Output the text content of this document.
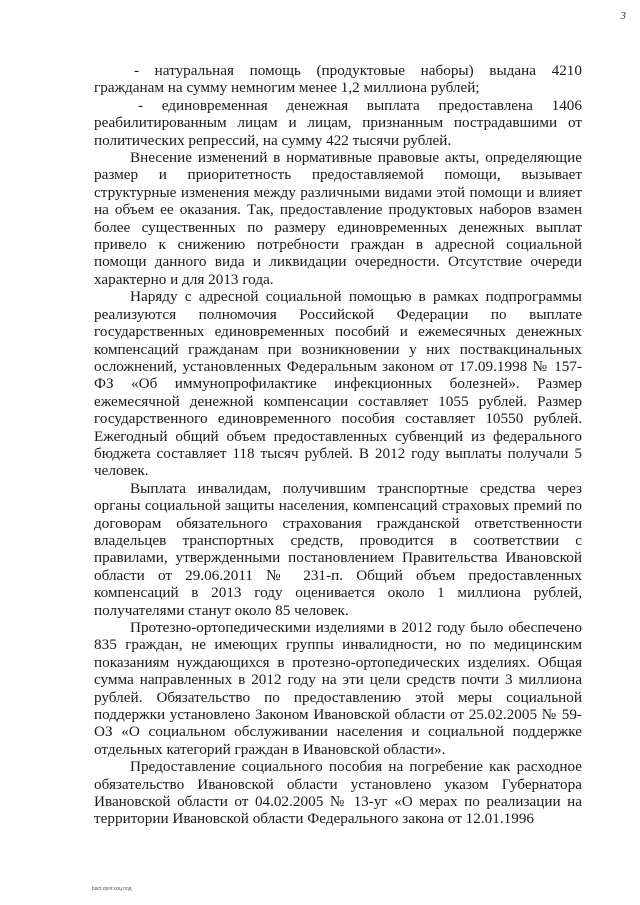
3

- натуральная помощь (продуктовые наборы) выдана 4210 гражданам на сумму немногим менее 1,2 миллиона рублей;

- единовременная денежная выплата предоставлена 1406 реабилитированным лицам и лицам, признанным пострадавшими от политических репрессий, на сумму 422 тысячи рублей.

Внесение изменений в нормативные правовые акты, определяющие размер и приоритетность предоставляемой помощи, вызывает структурные изменения между различными видами этой помощи и влияет на объем ее оказания. Так, предоставление продуктовых наборов взамен более существенных по размеру единовременных денежных выплат привело к снижению потребности граждан в адресной социальной помощи данного вида и ликвидации очередности. Отсутствие очереди характерно и для 2013 года.

Наряду с адресной социальной помощью в рамках подпрограммы реализуются полномочия Российской Федерации по выплате государственных единовременных пособий и ежемесячных денежных компенсаций гражданам при возникновении у них поствакцинальных осложнений, установленных Федеральным законом от 17.09.1998 № 157-ФЗ «Об иммунопрофилактике инфекционных болезней». Размер ежемесячной денежной компенсации составляет 1055 рублей. Размер государственного единовременного пособия составляет 10550 рублей. Ежегодный общий объем предоставленных субвенций из федерального бюджета составляет 118 тысяч рублей. В 2012 году выплаты получали 5 человек.

Выплата инвалидам, получившим транспортные средства через органы социальной защиты населения, компенсаций страховых премий по договорам обязательного страхования гражданской ответственности владельцев транспортных средств, проводится в соответствии с правилами, утвержденными постановлением Правительства Ивановской области от 29.06.2011 № 231-п. Общий объем предоставленных компенсаций в 2013 году оценивается около 1 миллиона рублей, получателями станут около 85 человек.

Протезно-ортопедическими изделиями в 2012 году было обеспечено 835 граждан, не имеющих группы инвалидности, но по медицинским показаниям нуждающихся в протезно-ортопедических изделиях. Общая сумма направленных в 2012 году на эти цели средств почти 3 миллиона рублей. Обязательство по предоставлению этой меры социальной поддержки установлено Законом Ивановской области от 25.02.2005 № 59-ОЗ «О социальном обслуживании населения и социальной поддержке отдельных категорий граждан в Ивановской области».

Предоставление социального пособия на погребение как расходное обязательство Ивановской области установлено указом Губернатора Ивановской области от 04.02.2005 № 13-уг «О мерах по реализации на территории Ивановской области Федерального закона от 12.01.1996

baсt.прог.соц.под
